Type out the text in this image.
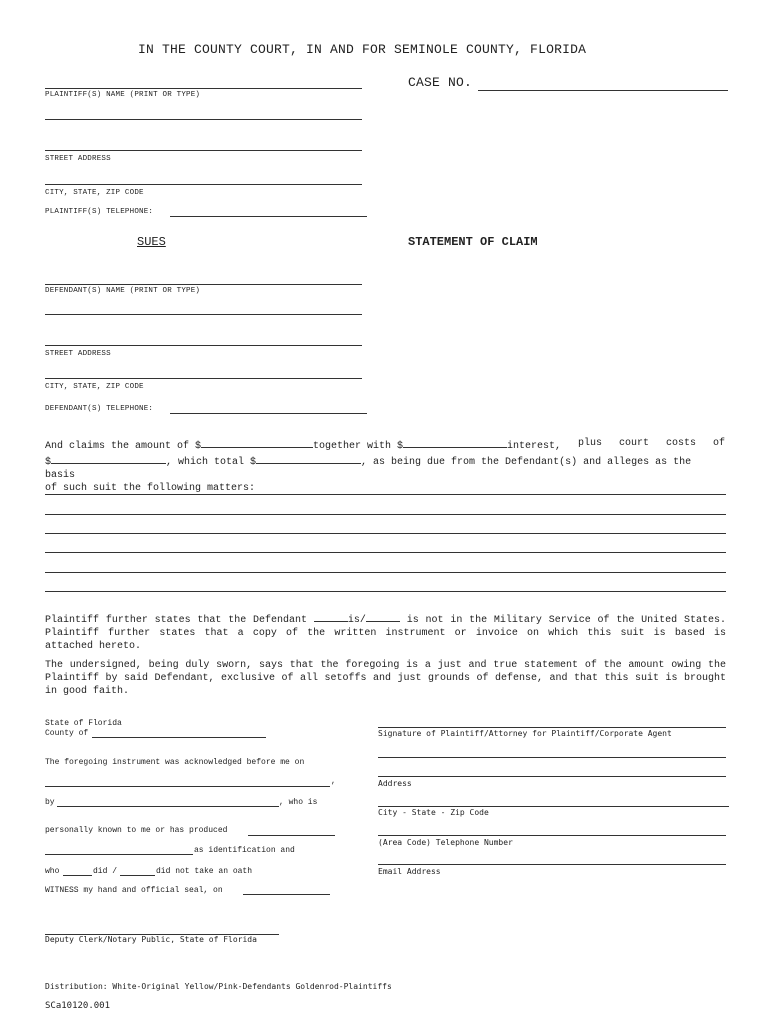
IN THE COUNTY COURT, IN AND FOR SEMINOLE COUNTY, FLORIDA
CASE NO.
PLAINTIFF(S) NAME (PRINT OR TYPE)
STREET ADDRESS
CITY, STATE, ZIP CODE
PLAINTIFF(S) TELEPHONE:
SUES	STATEMENT OF CLAIM
DEFENDANT(S) NAME (PRINT OR TYPE)
STREET ADDRESS
CITY, STATE, ZIP CODE
DEFENDANT(S) TELEPHONE:
And claims the amount of $	together with $	interest, plus court costs of
$	, which total $	, as being due from the Defendant(s) and alleges as the basis
of such suit the following matters:
Plaintiff further states that the Defendant	is/	is not in the Military Service of the United States.
Plaintiff further states that a copy of the written instrument or invoice on which this suit is based is
attached hereto.
The undersigned, being duly sworn, says that the foregoing is a just and true statement of the amount owing the
Plaintiff by said Defendant, exclusive of all setoffs and just grounds of defense, and that this suit is brought
in good faith.
State of Florida
County of
The foregoing instrument was acknowledged before me on
,
by	, who is
personally known to me or has produced
as identification and
who	did /	did not take an oath
WITNESS my hand and official seal, on
Deputy Clerk/Notary Public, State of Florida
Signature of Plaintiff/Attorney for Plaintiff/Corporate Agent
Address
City - State - Zip Code
(Area Code) Telephone Number
Email Address
Distribution: White-Original Yellow/Pink-Defendants Goldenrod-Plaintiffs
SCa10120.001
